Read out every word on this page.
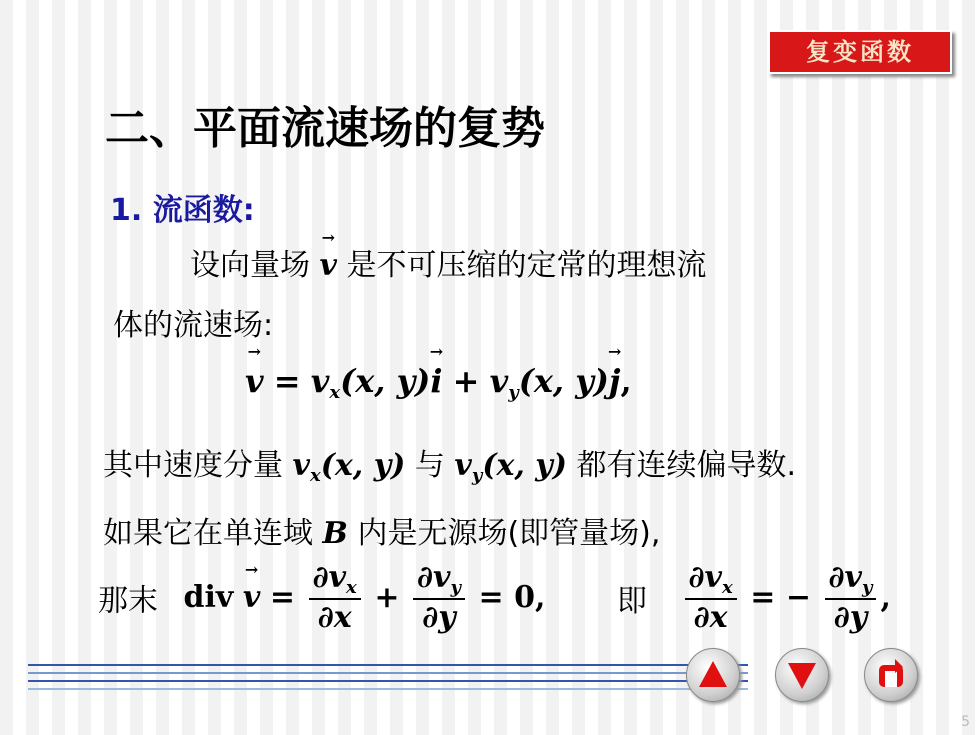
复变函数
二、平面流速场的复势
1. 流函数:
设向量场 → v 是不可压缩的定常的理想流
体的流速场:
→ $v = v_x(x$, $y)\to i + v_y(x$, y)→ j,
其中速度分量 $v_x(x$, y) 与 $v_y(x$, y) 都有连续偏导数.
如果它在单连域 B 内是无源场(即管量场),
那末 div → $v = \frac{\partial v_x}{\partial x} + \frac{\partial v_y}{\partial y} = 0$, 即 $\frac{\partial v_x}{\partial x}$ = − $\frac{\partial v_y}{\partial y}$ ,
5
